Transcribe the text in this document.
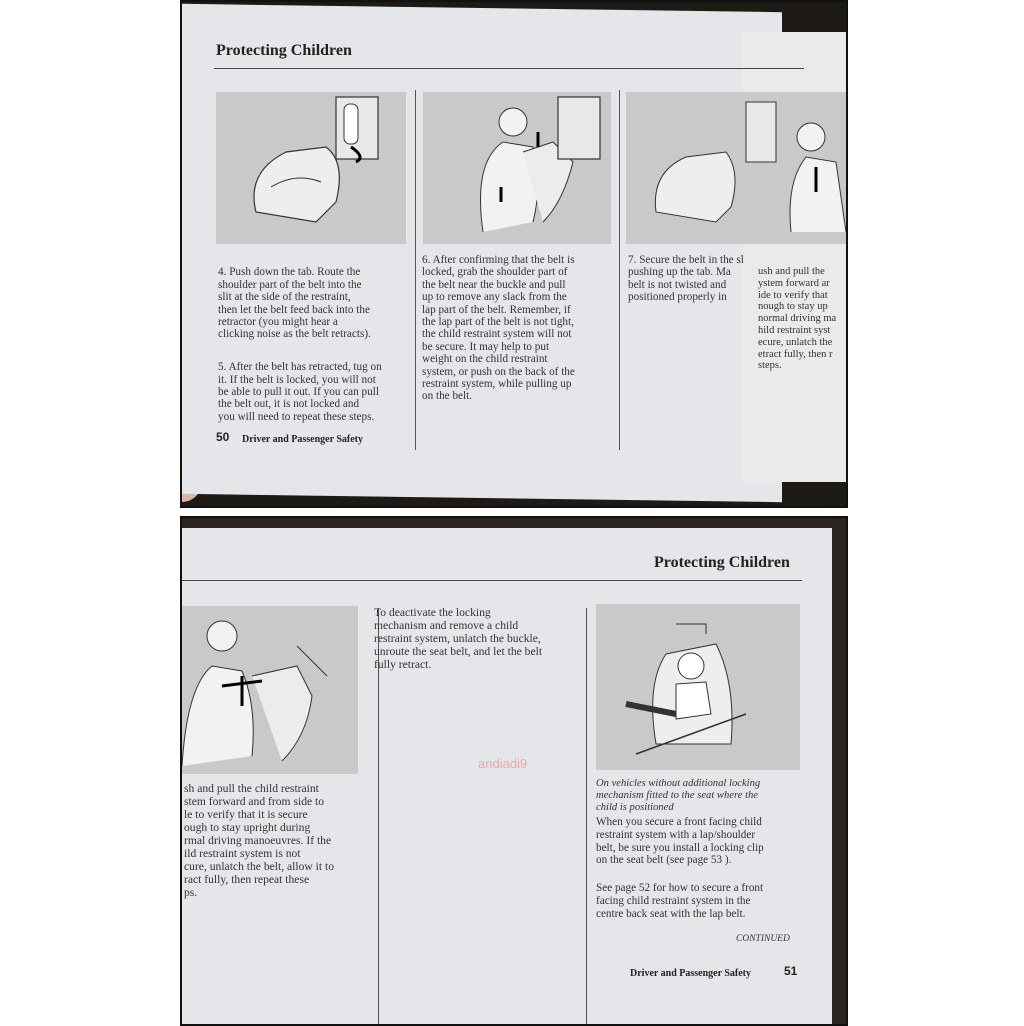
Protecting Children

4. Push down the tab. Route the
shoulder part of the belt into the
slit at the side of the restraint,
then let the belt feed back into the
retractor (you might hear a
clicking noise as the belt retracts).

5. After the belt has retracted, tug on
it. If the belt is locked, you will not
be able to pull it out. If you can pull
the belt out, it is not locked and
you will need to repeat these steps.

6. After confirming that the belt is
locked, grab the shoulder part of
the belt near the buckle and pull
up to remove any slack from the
lap part of the belt. Remember, if
the lap part of the belt is not tight,
the child restraint system will not
be secure. It may help to put
weight on the child restraint
system, or push on the back of the
restraint system, while pulling up
on the belt.
7. Secure the belt in the sl
pushing up the tab. Ma
belt is not twisted and
positioned properly in
ush and pull the
ystem forward ar
ide to verify that
nough to stay up
normal driving ma
hild restraint syst
ecure, unlatch the
etract fully, then r
steps.
50 Driver and Passenger Safety
Protecting Children
sh and pull the child restraint
stem forward and from side to
le to verify that it is secure
ough to stay upright during
rmal driving manoeuvres. If the
ild restraint system is not
cure, unlatch the belt, allow it to
ract fully, then repeat these
ps.
To deactivate the locking
mechanism and remove a child
restraint system, unlatch the buckle,
unroute the seat belt, and let the belt
fully retract.
andiadi9
On vehicles without additional locking
mechanism fitted to the seat where the
child is positioned
When you secure a front facing child
restraint system with a lap/shoulder
belt, be sure you install a locking clip
on the seat belt (see page 53 ).
See page 52 for how to secure a front
facing child restraint system in the
centre back seat with the lap belt.
CONTINUED
Driver and Passenger Safety	51
